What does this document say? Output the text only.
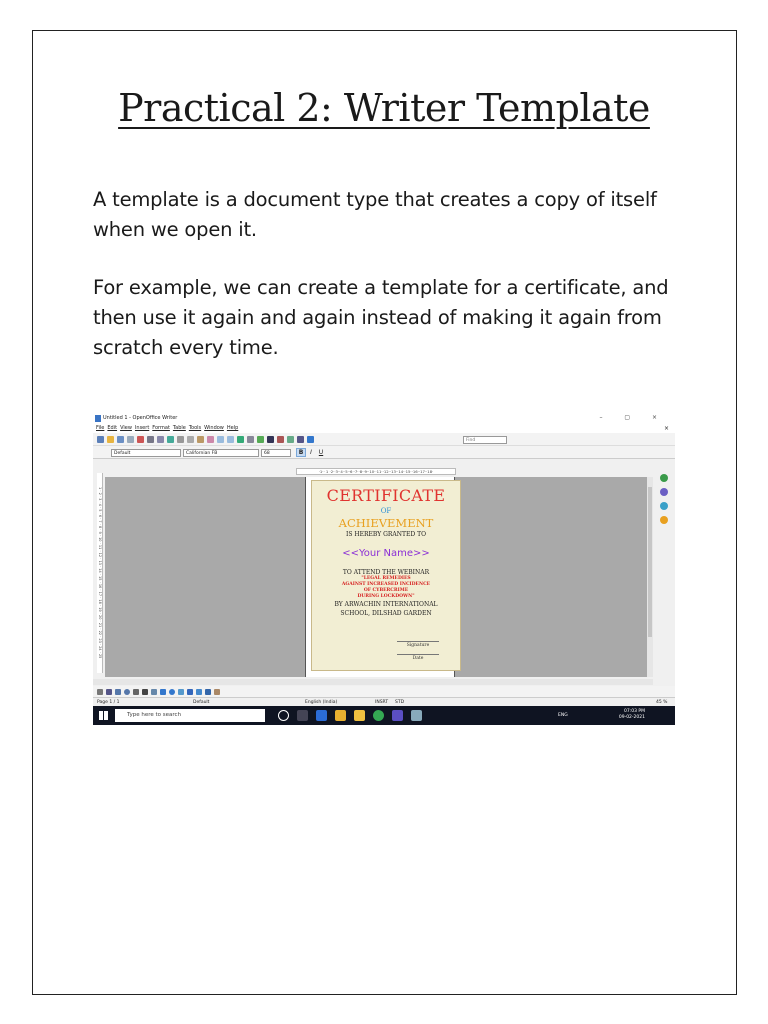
Practical 2: Writer Template

A template is a document type that creates a copy of itself when we open it.

For example, we can create a template for a certificate, and then use it again and again instead of making it again from scratch every time.

Untitled 1 - OpenOffice Writer	– ▢ ×
File Edit View Insert Format Table Tools Window Help	×
Find
Default	Californian FB	68	B	I	U
·1·· 1 ·2··3··4··5··6··7··8··9··10··11··12··13··14··15··16··17··18·
1 · 2 · 3 · 4 · 5 · 6 · 7 · 8 · 9 · 10 · 11 · 12 · 13 · 14 · 15 · 16 · 17 · 18 · 19 · 20 · 21 · 22 · 23 · 24 · 25	CERTIFICATE
OF
ACHIEVEMENT
IS HEREBY GRANTED TO
<<Your Name>>
TO ATTEND THE WEBINAR
"LEGAL REMEDIES
AGAINST INCREASED INCIDENCE
OF CYBERCRIME
DURING LOCKDOWN"
BY ARWACHIN INTERNATIONAL
SCHOOL, DILSHAD GARDEN
Signature
Date
Page 1 / 1	Default	English (India)	INSRT STD	45 %
Type here to search	ENG
07:03 PM
09-02-2021
